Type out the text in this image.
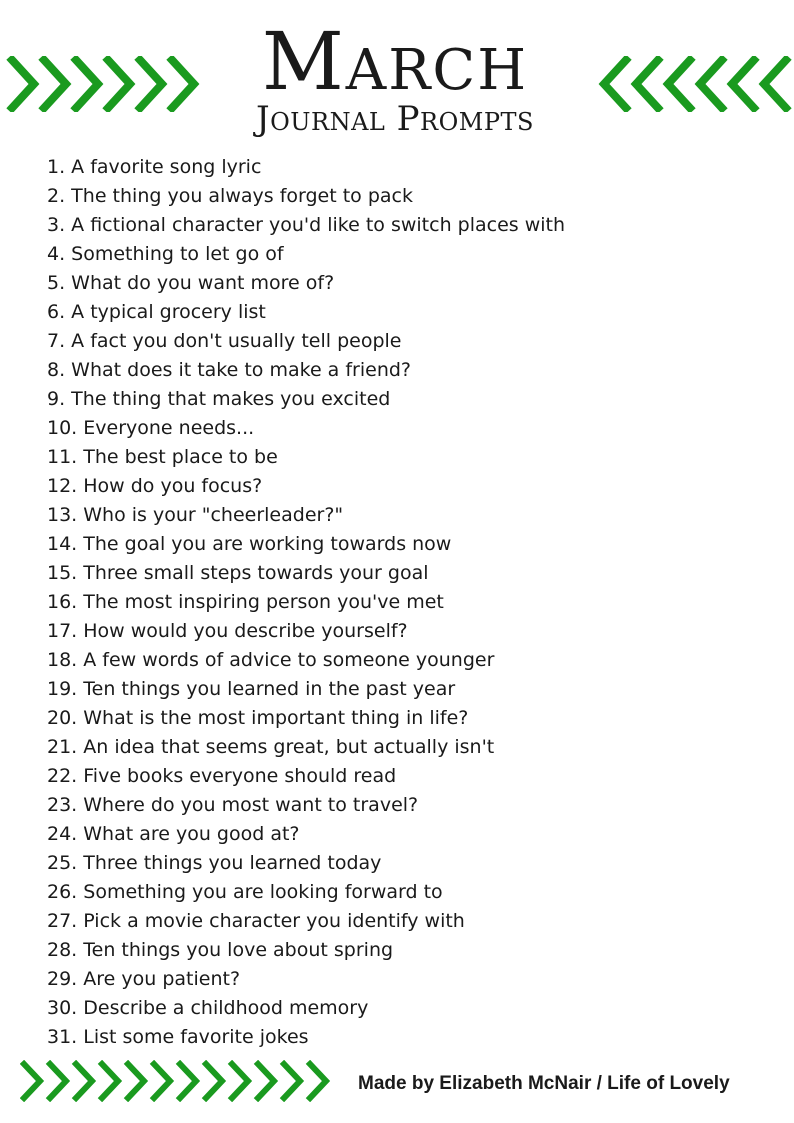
March
Journal Prompts
1. A favorite song lyric
2. The thing you always forget to pack
3. A fictional character you'd like to switch places with
4. Something to let go of
5. What do you want more of?
6. A typical grocery list
7. A fact you don't usually tell people
8. What does it take to make a friend?
9. The thing that makes you excited
10. Everyone needs...
11. The best place to be
12. How do you focus?
13. Who is your "cheerleader?"
14. The goal you are working towards now
15. Three small steps towards your goal
16. The most inspiring person you've met
17. How would you describe yourself?
18. A few words of advice to someone younger
19. Ten things you learned in the past year
20. What is the most important thing in life?
21. An idea that seems great, but actually isn't
22. Five books everyone should read
23. Where do you most want to travel?
24. What are you good at?
25. Three things you learned today
26. Something you are looking forward to
27. Pick a movie character you identify with
28. Ten things you love about spring
29. Are you patient?
30. Describe a childhood memory
31. List some favorite jokes
Made by Elizabeth McNair / Life of Lovely
